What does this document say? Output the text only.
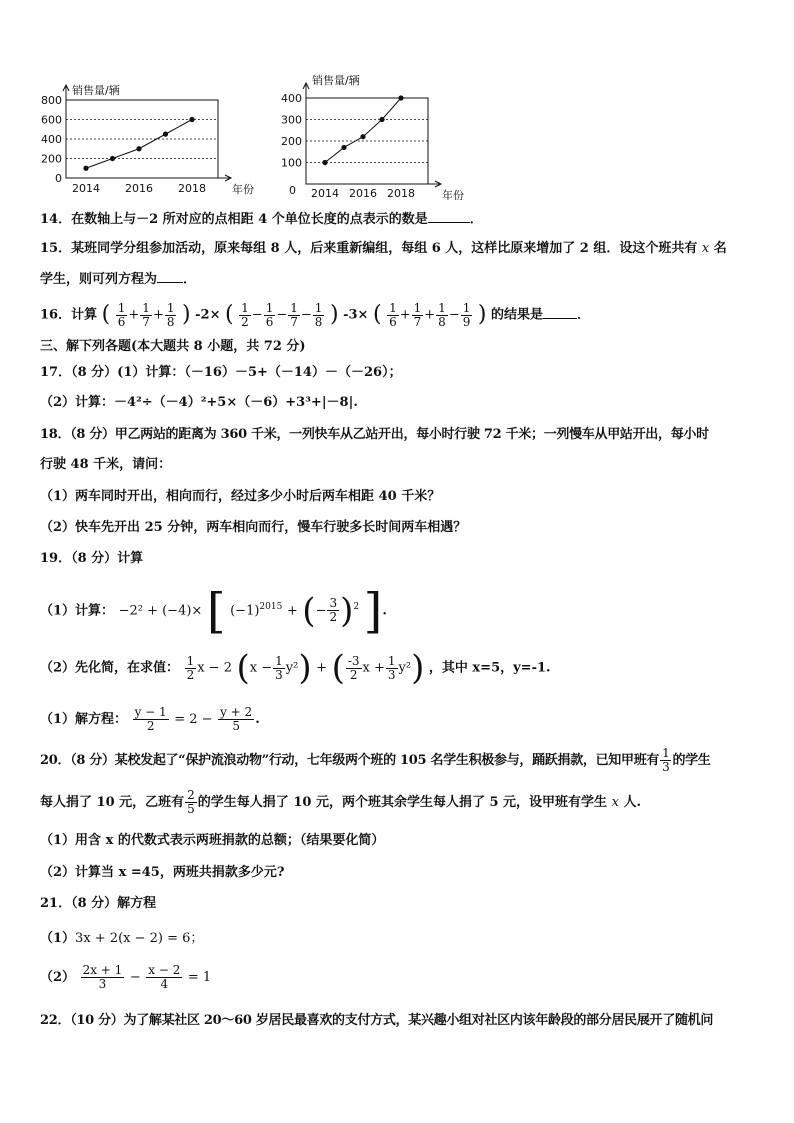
0
200
400
600
800
2014 2016 2018
销售量/辆
年份	0
100
200
300
400
2014 2016 2018
销售量/辆
年份
14．在数轴上与－2 所对应的点相距 4 个单位长度的点表示的数是	．
15．某班同学分组参加活动，原来每组 8 人，后来重新编组，每组 6 人，这样比原来增加了 2 组．设这个班共有 x 名
学生，则可列方程为 ．
16．计算 ( $\frac{1}{6} + \frac{1}{7} + \frac{1}{8}$ ) -2× ( $\frac{1}{2} - \frac{1}{6} - \frac{1}{7} - \frac{1}{8}$ ) -3× ( $\frac{1}{6} + \frac{1}{7} + \frac{1}{8} - \frac{1}{9}$ ) 的结果是	．
三、解下列各题(本大题共 8 小题，共 72 分)
17．（8 分）(1）计算：（－16）－5+（－14）－（－26）；
（2）计算：－4²÷（－4）²+5×（－6）+3³+|－8|.
18．（8 分）甲乙两站的距离为 360 千米，一列快车从乙站开出，每小时行驶 72 千米；一列慢车从甲站开出，每小时
行驶 48 千米，请问：
（1）两车同时开出，相向而行，经过多少小时后两车相距 40 千米？
（2）快车先开出 25 分钟，两车相向而行，慢车行驶多长时间两车相遇？
19．（8 分）计算
（1）计算： −2² + (−4)× [ $(-1)^{2015}$ + (− $\frac{3}{2} )^2$ ].
（2）先化简，在求值： $\frac{1}{2}$ x − 2 $(x - \frac{1}{3} y^2)$ + ( $\frac{-3}{2}$ $x + \frac{1}{3} y^2$) ，其中 x=5，y=-1.
（1）解方程： $\frac{y - 1}{2} = 2 - \frac{y + 2}{5}$ .
20．（8 分）某校发起了“保护流浪动物”行动，七年级两个班的 105 名学生积极参与，踊跃捐款，已知甲班有 $\frac{1}{3}$ 的学生
每人捐了 10 元，乙班有 $\frac{2}{5}$ 的学生每人捐了 10 元，两个班其余学生每人捐了 5 元，设甲班有学生 x 人.
（1）用含 x 的代数式表示两班捐款的总额；（结果要化简）
（2）计算当 x =45，两班共捐款多少元?
21．（8 分）解方程
（1）3x + 2(x − 2) = 6；
$(2) \frac{2x + 1}{3} - \frac{x - 2}{4} = 1$
22．（10 分）为了解某社区 20～60 岁居民最喜欢的支付方式，某兴趣小组对社区内该年龄段的部分居民展开了随机问
